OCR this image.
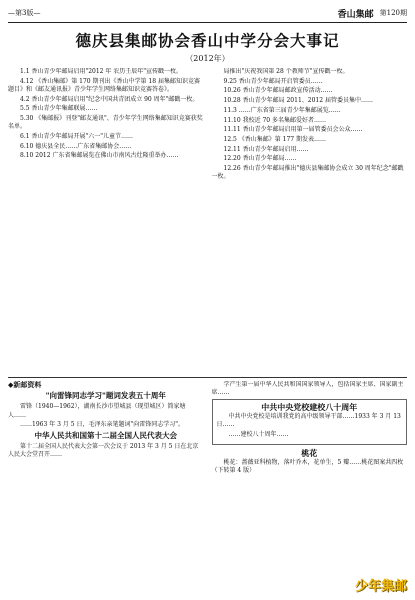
—第3版—	香山集邮 第120期
德庆县集邮协会香山中学分会大事记
（2012年）

1.1 香山青少年邮局启用"2012 年 农历壬辰年"宣传戳一枚。

4.12 《香山集邮》第 170 期刊出《香山中学第 18 届集邮知识竞赛题目》和《邮友通讯报》青少年学生网络集邮知识竞赛答卷》。

4.2 香山青少年邮局启用"纪念中国共青团成立 90 周年"邮戳一枚。

5.5 香山青少年集邮联展……

5.30 《集邮报》刊登"邮友通讯"、青少年学生网络集邮知识竞赛获奖名单。

6.1 香山青少年邮局开展"六一"儿童节……

6.10 德庆县全民……广东省集邮协会……

8.10 2012 广东省集邮展览在佛山市南风古灶隆重举办……

局推出"庆祝我国第 28 个教师节"宣传戳一枚。

9.25 香山青少年邮局开启管委员……

10.26 香山青少年邮局邮政宣传活动……

10.28 香山青少年邮局 2011、2012 届管委员集中……

11.3 ……广东省第三届青少年集邮展览……

11.10 我校近 70 多名集邮爱好者……

11.11 香山青少年邮局启用第一届管委员会公众……

12.5 《香山集邮》第 177 期发表……

12.11 香山青少年邮局启用……

12.20 香山青少年邮局……

12.26 香山青少年邮局推出"德庆县集邮协会成立 30 周年纪念"邮戳一枚。

◆新邮资料
"向雷锋同志学习"题词发表五十周年

雷锋（1940—1962），湖南长沙市望城县（现望城区）简家塘人……

……1963 年 3 月 5 日，毛泽东亲笔题词"向雷锋同志学习"。

中华人民共和国第十二届全国人民代表大会

第十二届全国人民代表大会第一次会议于 2013 年 3 月 5 日在北京人民大会堂召开……

学产生第一届中华人民共和国国家领导人，包括国家主席、国家副主席……

中共中央党校建校八十周年

中共中央党校是培训我党的高中级领导干部……1933 年 3 月 13 日……

……建校八十周年……

桃花

桃花：蔷薇亚科植物，落叶乔木，花单生，5 瓣……桃花图案共四枚（下转第 4 版）

少年集邮
